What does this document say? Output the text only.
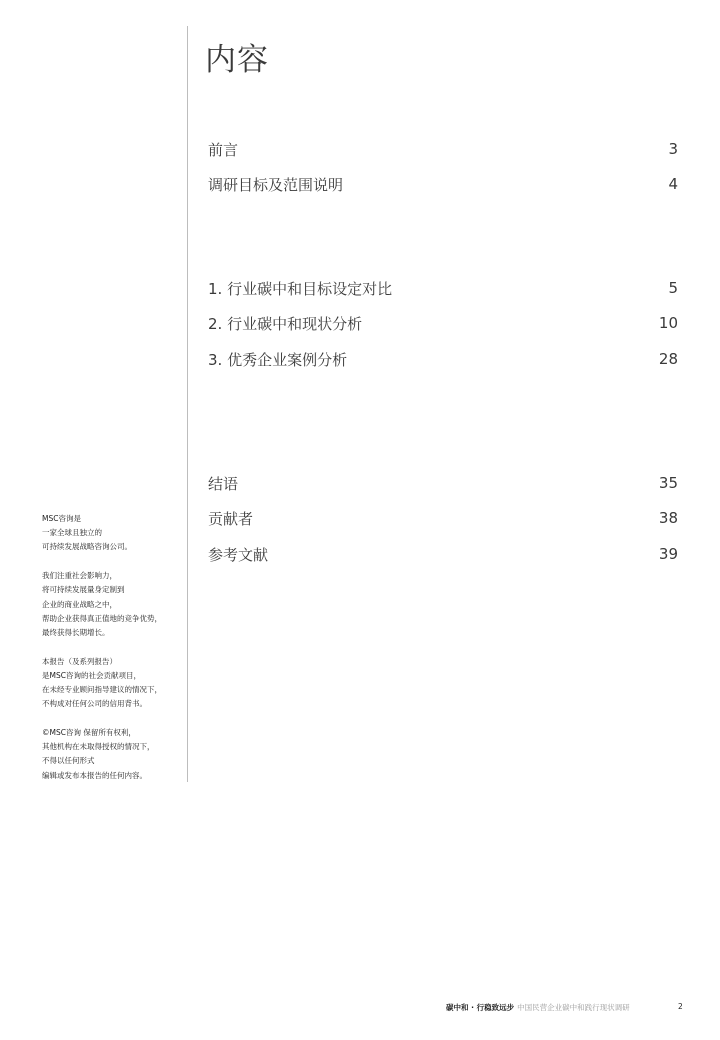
内容
前言	3
调研目标及范围说明	4
1. 行业碳中和目标设定对比	5
2. 行业碳中和现状分析	10
3. 优秀企业案例分析	28
结语	35
贡献者	38
参考文献	39
MSC咨询是
一家全球且独立的
可持续发展战略咨询公司。
我们注重社会影响力，
将可持续发展量身定制到
企业的商业战略之中，
帮助企业获得真正值地的竞争优势，
最终获得长期增长。
本报告（及系列报告）
是MSC咨询的社会贡献项目，
在未经专业顾问指导建议的情况下，
不构成对任何公司的信用背书。
©MSC咨询 保留所有权利，
其他机构在未取得授权的情况下，
不得以任何形式
编辑或发布本报告的任何内容。
碳中和 · 行稳致远步 中国民营企业碳中和践行现状调研	2
